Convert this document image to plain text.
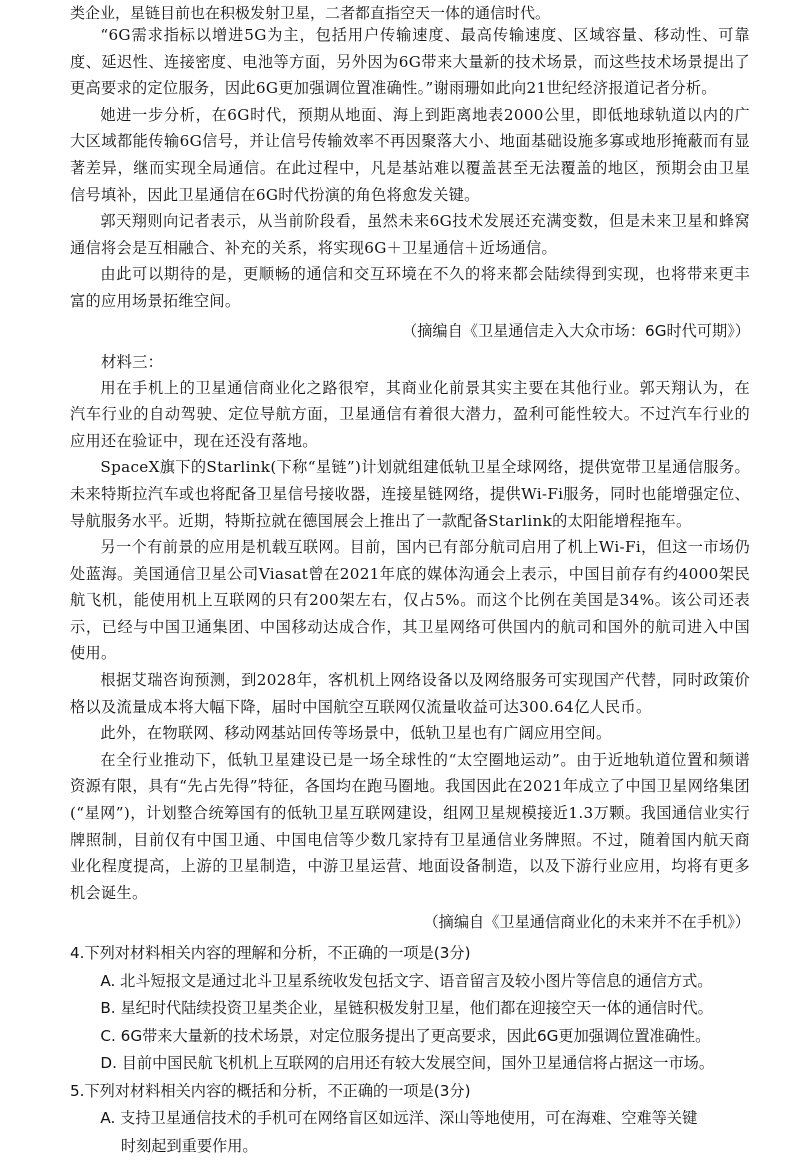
类企业，星链目前也在积极发射卫星，二者都直指空天一体的通信时代。

“6G需求指标以增进5G为主，包括用户传输速度、最高传输速度、区域容量、移动性、可靠度、延迟性、连接密度、电池等方面，另外因为6G带来大量新的技术场景，而这些技术场景提出了更高要求的定位服务，因此6G更加强调位置准确性。”谢雨珊如此向21世纪经济报道记者分析。

她进一步分析，在6G时代，预期从地面、海上到距离地表2000公里，即低地球轨道以内的广大区域都能传输6G信号，并让信号传输效率不再因聚落大小、地面基础设施多寡或地形掩蔽而有显著差异，继而实现全局通信。在此过程中，凡是基站难以覆盖甚至无法覆盖的地区，预期会由卫星信号填补，因此卫星通信在6G时代扮演的角色将愈发关键。

郭天翔则向记者表示，从当前阶段看，虽然未来6G技术发展还充满变数，但是未来卫星和蜂窝通信将会是互相融合、补充的关系，将实现6G＋卫星通信＋近场通信。

由此可以期待的是，更顺畅的通信和交互环境在不久的将来都会陆续得到实现，也将带来更丰富的应用场景拓维空间。

（摘编自《卫星通信走入大众市场：6G时代可期》）

材料三：

用在手机上的卫星通信商业化之路很窄，其商业化前景其实主要在其他行业。郭天翔认为，在汽车行业的自动驾驶、定位导航方面，卫星通信有着很大潜力，盈利可能性较大。不过汽车行业的应用还在验证中，现在还没有落地。

SpaceX旗下的Starlink(下称“星链”)计划就组建低轨卫星全球网络，提供宽带卫星通信服务。未来特斯拉汽车或也将配备卫星信号接收器，连接星链网络，提供Wi-Fi服务，同时也能增强定位、导航服务水平。近期，特斯拉就在德国展会上推出了一款配备Starlink的太阳能增程拖车。

另一个有前景的应用是机载互联网。目前，国内已有部分航司启用了机上Wi-Fi，但这一市场仍处蓝海。美国通信卫星公司Viasat曾在2021年底的媒体沟通会上表示，中国目前存有约4000架民航飞机，能使用机上互联网的只有200架左右，仅占5%。而这个比例在美国是34%。该公司还表示，已经与中国卫通集团、中国移动达成合作，其卫星网络可供国内的航司和国外的航司进入中国使用。

根据艾瑞咨询预测，到2028年，客机机上网络设备以及网络服务可实现国产代替，同时政策价格以及流量成本将大幅下降，届时中国航空互联网仅流量收益可达300.64亿人民币。

此外，在物联网、移动网基站回传等场景中，低轨卫星也有广阔应用空间。

在全行业推动下，低轨卫星建设已是一场全球性的“太空圈地运动”。由于近地轨道位置和频谱资源有限，具有“先占先得”特征，各国均在跑马圈地。我国因此在2021年成立了中国卫星网络集团(“星网”)，计划整合统筹国有的低轨卫星互联网建设，组网卫星规模接近1.3万颗。我国通信业实行牌照制，目前仅有中国卫通、中国电信等少数几家持有卫星通信业务牌照。不过，随着国内航天商业化程度提高，上游的卫星制造，中游卫星运营、地面设备制造，以及下游行业应用，均将有更多机会诞生。

（摘编自《卫星通信商业化的未来并不在手机》）

4.下列对材料相关内容的理解和分析，不正确的一项是(3分)

A. 北斗短报文是通过北斗卫星系统收发包括文字、语音留言及较小图片等信息的通信方式。

B. 星纪时代陆续投资卫星类企业，星链积极发射卫星，他们都在迎接空天一体的通信时代。

C. 6G带来大量新的技术场景，对定位服务提出了更高要求，因此6G更加强调位置准确性。

D. 目前中国民航飞机机上互联网的启用还有较大发展空间，国外卫星通信将占据这一市场。

5.下列对材料相关内容的概括和分析，不正确的一项是(3分)

A. 支持卫星通信技术的手机可在网络盲区如远洋、深山等地使用，可在海难、空难等关键
时刻起到重要作用。
